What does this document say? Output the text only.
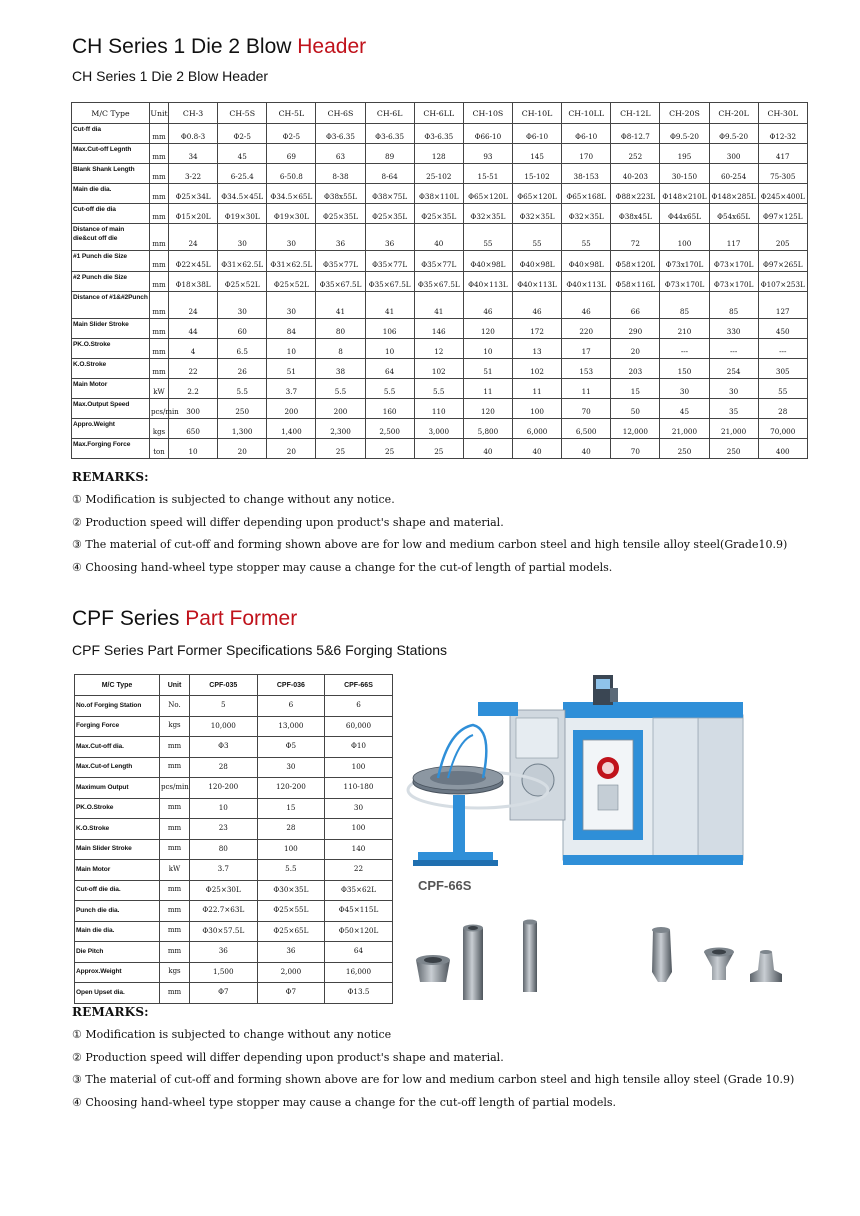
CH Series 1 Die 2 Blow Header
CH Series 1 Die 2 Blow Header
M/C Type	Unit	CH-3	CH-5S	CH-5L	CH-6S	CH-6L	CH-6LL	CH-10S	CH-10L	CH-10LL	CH-12L	CH-20S	CH-20L	CH-30L
Cut-ff dia	mm	Φ0.8-3	Φ2-5	Φ2-5	Φ3-6.35	Φ3-6.35	Φ3-6.35	Φ66-10	Φ6-10	Φ6-10	Φ8-12.7	Φ9.5-20	Φ9.5-20	Φ12-32
Max.Cut-off Legnth	mm	34	45	69	63	89	128	93	145	170	252	195	300	417
Blank Shank Length	mm	3-22	6-25.4	6-50.8	8-38	8-64	25-102	15-51	15-102	38-153	40-203	30-150	60-254	75-305
Main die dia.	mm	Φ25×34L	Φ34.5×45L	Φ34.5×65L	Φ38x55L	Φ38×75L	Φ38×110L	Φ65×120L	Φ65×120L	Φ65×168L	Φ88×223L	Φ148×210L	Φ148×285L	Φ245×400L
Cut-off die dia	mm	Φ15×20L	Φ19×30L	Φ19×30L	Φ25×35L	Φ25×35L	Φ25×35L	Φ32×35L	Φ32×35L	Φ32×35L	Φ38x45L	Φ44x65L	Φ54x65L	Φ97×125L
Distance of main die&cut off die	mm	24	30	30	36	36	40	55	55	55	72	100	117	205
#1 Punch die Size	mm	Φ22×45L	Φ31×62.5L	Φ31×62.5L	Φ35×77L	Φ35×77L	Φ35×77L	Φ40×98L	Φ40×98L	Φ40×98L	Φ58×120L	Φ73x170L	Φ73×170L	Φ97×265L
#2 Punch die Size	mm	Φ18×38L	Φ25×52L	Φ25×52L	Φ35×67.5L	Φ35×67.5L	Φ35×67.5L	Φ40×113L	Φ40×113L	Φ40×113L	Φ58×116L	Φ73×170L	Φ73×170L	Φ107×253L
Distance of #1&#2Punch	mm	24	30	30	41	41	41	46	46	46	66	85	85	127
Main Slider Stroke	mm	44	60	84	80	106	146	120	172	220	290	210	330	450
PK.O.Stroke	mm	4	6.5	10	8	10	12	10	13	17	20	---	---	---
K.O.Stroke	mm	22	26	51	38	64	102	51	102	153	203	150	254	305
Main Motor	kW	2.2	5.5	3.7	5.5	5.5	5.5	11	11	11	15	30	30	55
Max.Output Speed	pcs/min	300	250	200	200	160	110	120	100	70	50	45	35	28
Appro.Weight	kgs	650	1,300	1,400	2,300	2,500	3,000	5,800	6,000	6,500	12,000	21,000	21,000	70,000
Max.Forging Force	ton	10	20	20	25	25	25	40	40	40	70	250	250	400
REMARKS:
① Modification is subjected to change without any notice.
② Production speed will differ depending upon product's shape and material.
③ The material of cut-off and forming shown above are for low and medium carbon steel and high tensile alloy steel(Grade10.9)
④ Choosing hand-wheel type stopper may cause a change for the cut-of length of partial models.
CPF Series Part Former
CPF Series Part Former Specifications 5&6 Forging Stations
M/C Type	Unit	CPF-035	CPF-036	CPF-66S
No.of Forging Station	No.	5	6	6
Forging Force	kgs	10,000	13,000	60,000
Max.Cut-off dia.	mm	Φ3	Φ5	Φ10
Max.Cut-of Length	mm	28	30	100
Maximum Output	pcs/min	120-200	120-200	110-180
PK.O.Stroke	mm	10	15	30
K.O.Stroke	mm	23	28	100
Main Slider Stroke	mm	80	100	140
Main Motor	kW	3.7	5.5	22
Cut-off die dia.	mm	Φ25×30L	Φ30×35L	Φ35×62L
Punch die dia.	mm	Φ22.7×63L	Φ25×55L	Φ45×115L
Main die dia.	mm	Φ30×57.5L	Φ25×65L	Φ50×120L
Die Pitch	mm	36	36	64
Approx.Weight	kgs	1,500	2,000	16,000
Open Upset dia.	mm	Φ7	Φ7	Φ13.5
CPF-66S
REMARKS:
① Modification is subjected to change without any notice
② Production speed will differ depending upon product's shape and material.
③ The material of cut-off and forming shown above are for low and medium carbon steel and high tensile alloy steel (Grade 10.9)
④ Choosing hand-wheel type stopper may cause a change for the cut-off length of partial models.
